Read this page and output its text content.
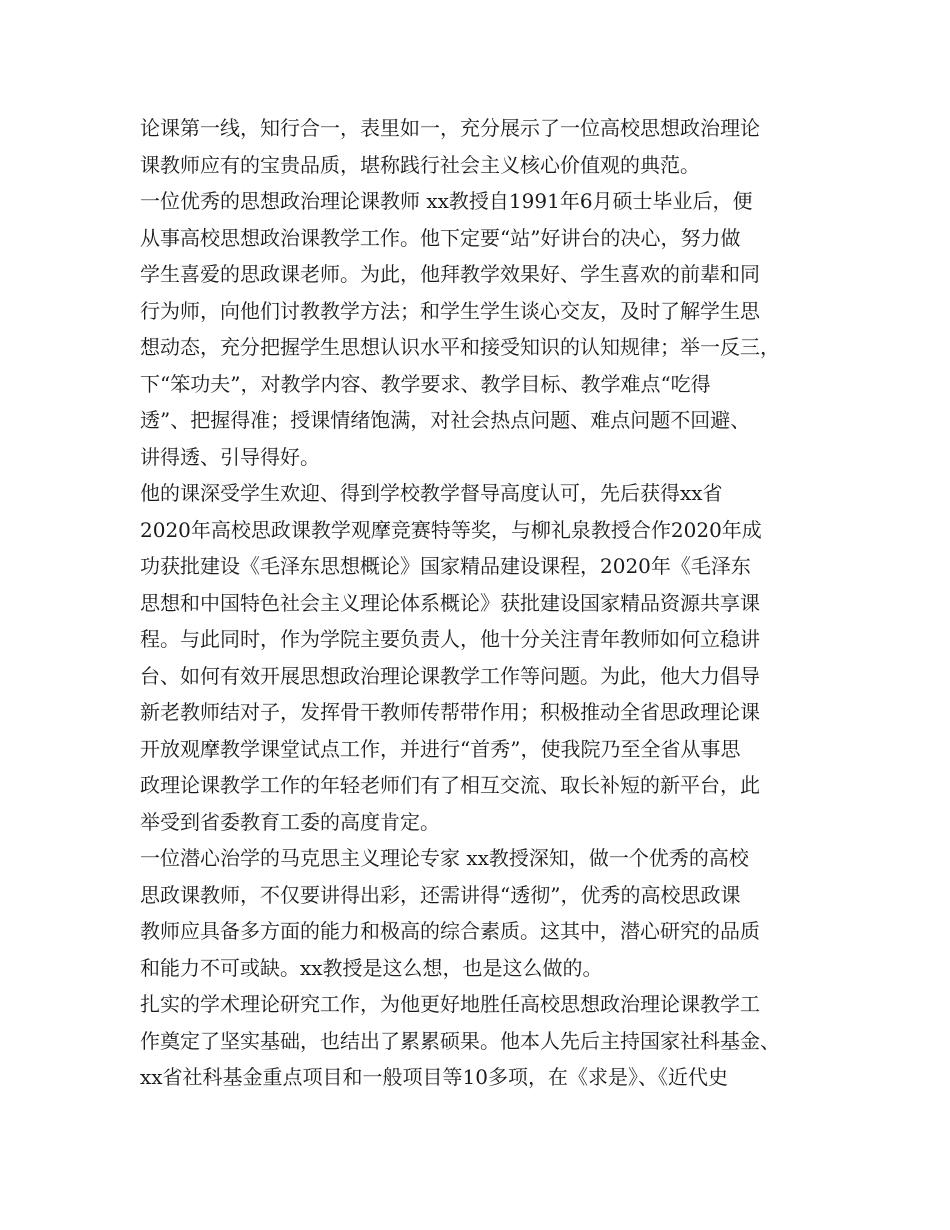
论课第一线，知行合一，表里如一，充分展示了一位高校思想政治理论
课教师应有的宝贵品质，堪称践行社会主义核心价值观的典范。
一位优秀的思想政治理论课教师 xx教授自1991年6月硕士毕业后，便
从事高校思想政治课教学工作。他下定要“站”好讲台的决心，努力做
学生喜爱的思政课老师。为此，他拜教学效果好、学生喜欢的前辈和同
行为师，向他们讨教教学方法；和学生学生谈心交友，及时了解学生思
想动态，充分把握学生思想认识水平和接受知识的认知规律；举一反三，
下“笨功夫”，对教学内容、教学要求、教学目标、教学难点“吃得
透”、把握得准；授课情绪饱满，对社会热点问题、难点问题不回避、
讲得透、引导得好。
他的课深受学生欢迎、得到学校教学督导高度认可，先后获得xx省
2020年高校思政课教学观摩竞赛特等奖，与柳礼泉教授合作2020年成
功获批建设《毛泽东思想概论》国家精品建设课程，2020年《毛泽东
思想和中国特色社会主义理论体系概论》获批建设国家精品资源共享课
程。与此同时，作为学院主要负责人，他十分关注青年教师如何立稳讲
台、如何有效开展思想政治理论课教学工作等问题。为此，他大力倡导
新老教师结对子，发挥骨干教师传帮带作用；积极推动全省思政理论课
开放观摩教学课堂试点工作，并进行“首秀”，使我院乃至全省从事思
政理论课教学工作的年轻老师们有了相互交流、取长补短的新平台，此
举受到省委教育工委的高度肯定。
一位潜心治学的马克思主义理论专家 xx教授深知，做一个优秀的高校
思政课教师，不仅要讲得出彩，还需讲得“透彻”，优秀的高校思政课
教师应具备多方面的能力和极高的综合素质。这其中，潜心研究的品质
和能力不可或缺。xx教授是这么想，也是这么做的。
扎实的学术理论研究工作，为他更好地胜任高校思想政治理论课教学工
作奠定了坚实基础，也结出了累累硕果。他本人先后主持国家社科基金、
xx省社科基金重点项目和一般项目等10多项，在《求是》、《近代史
